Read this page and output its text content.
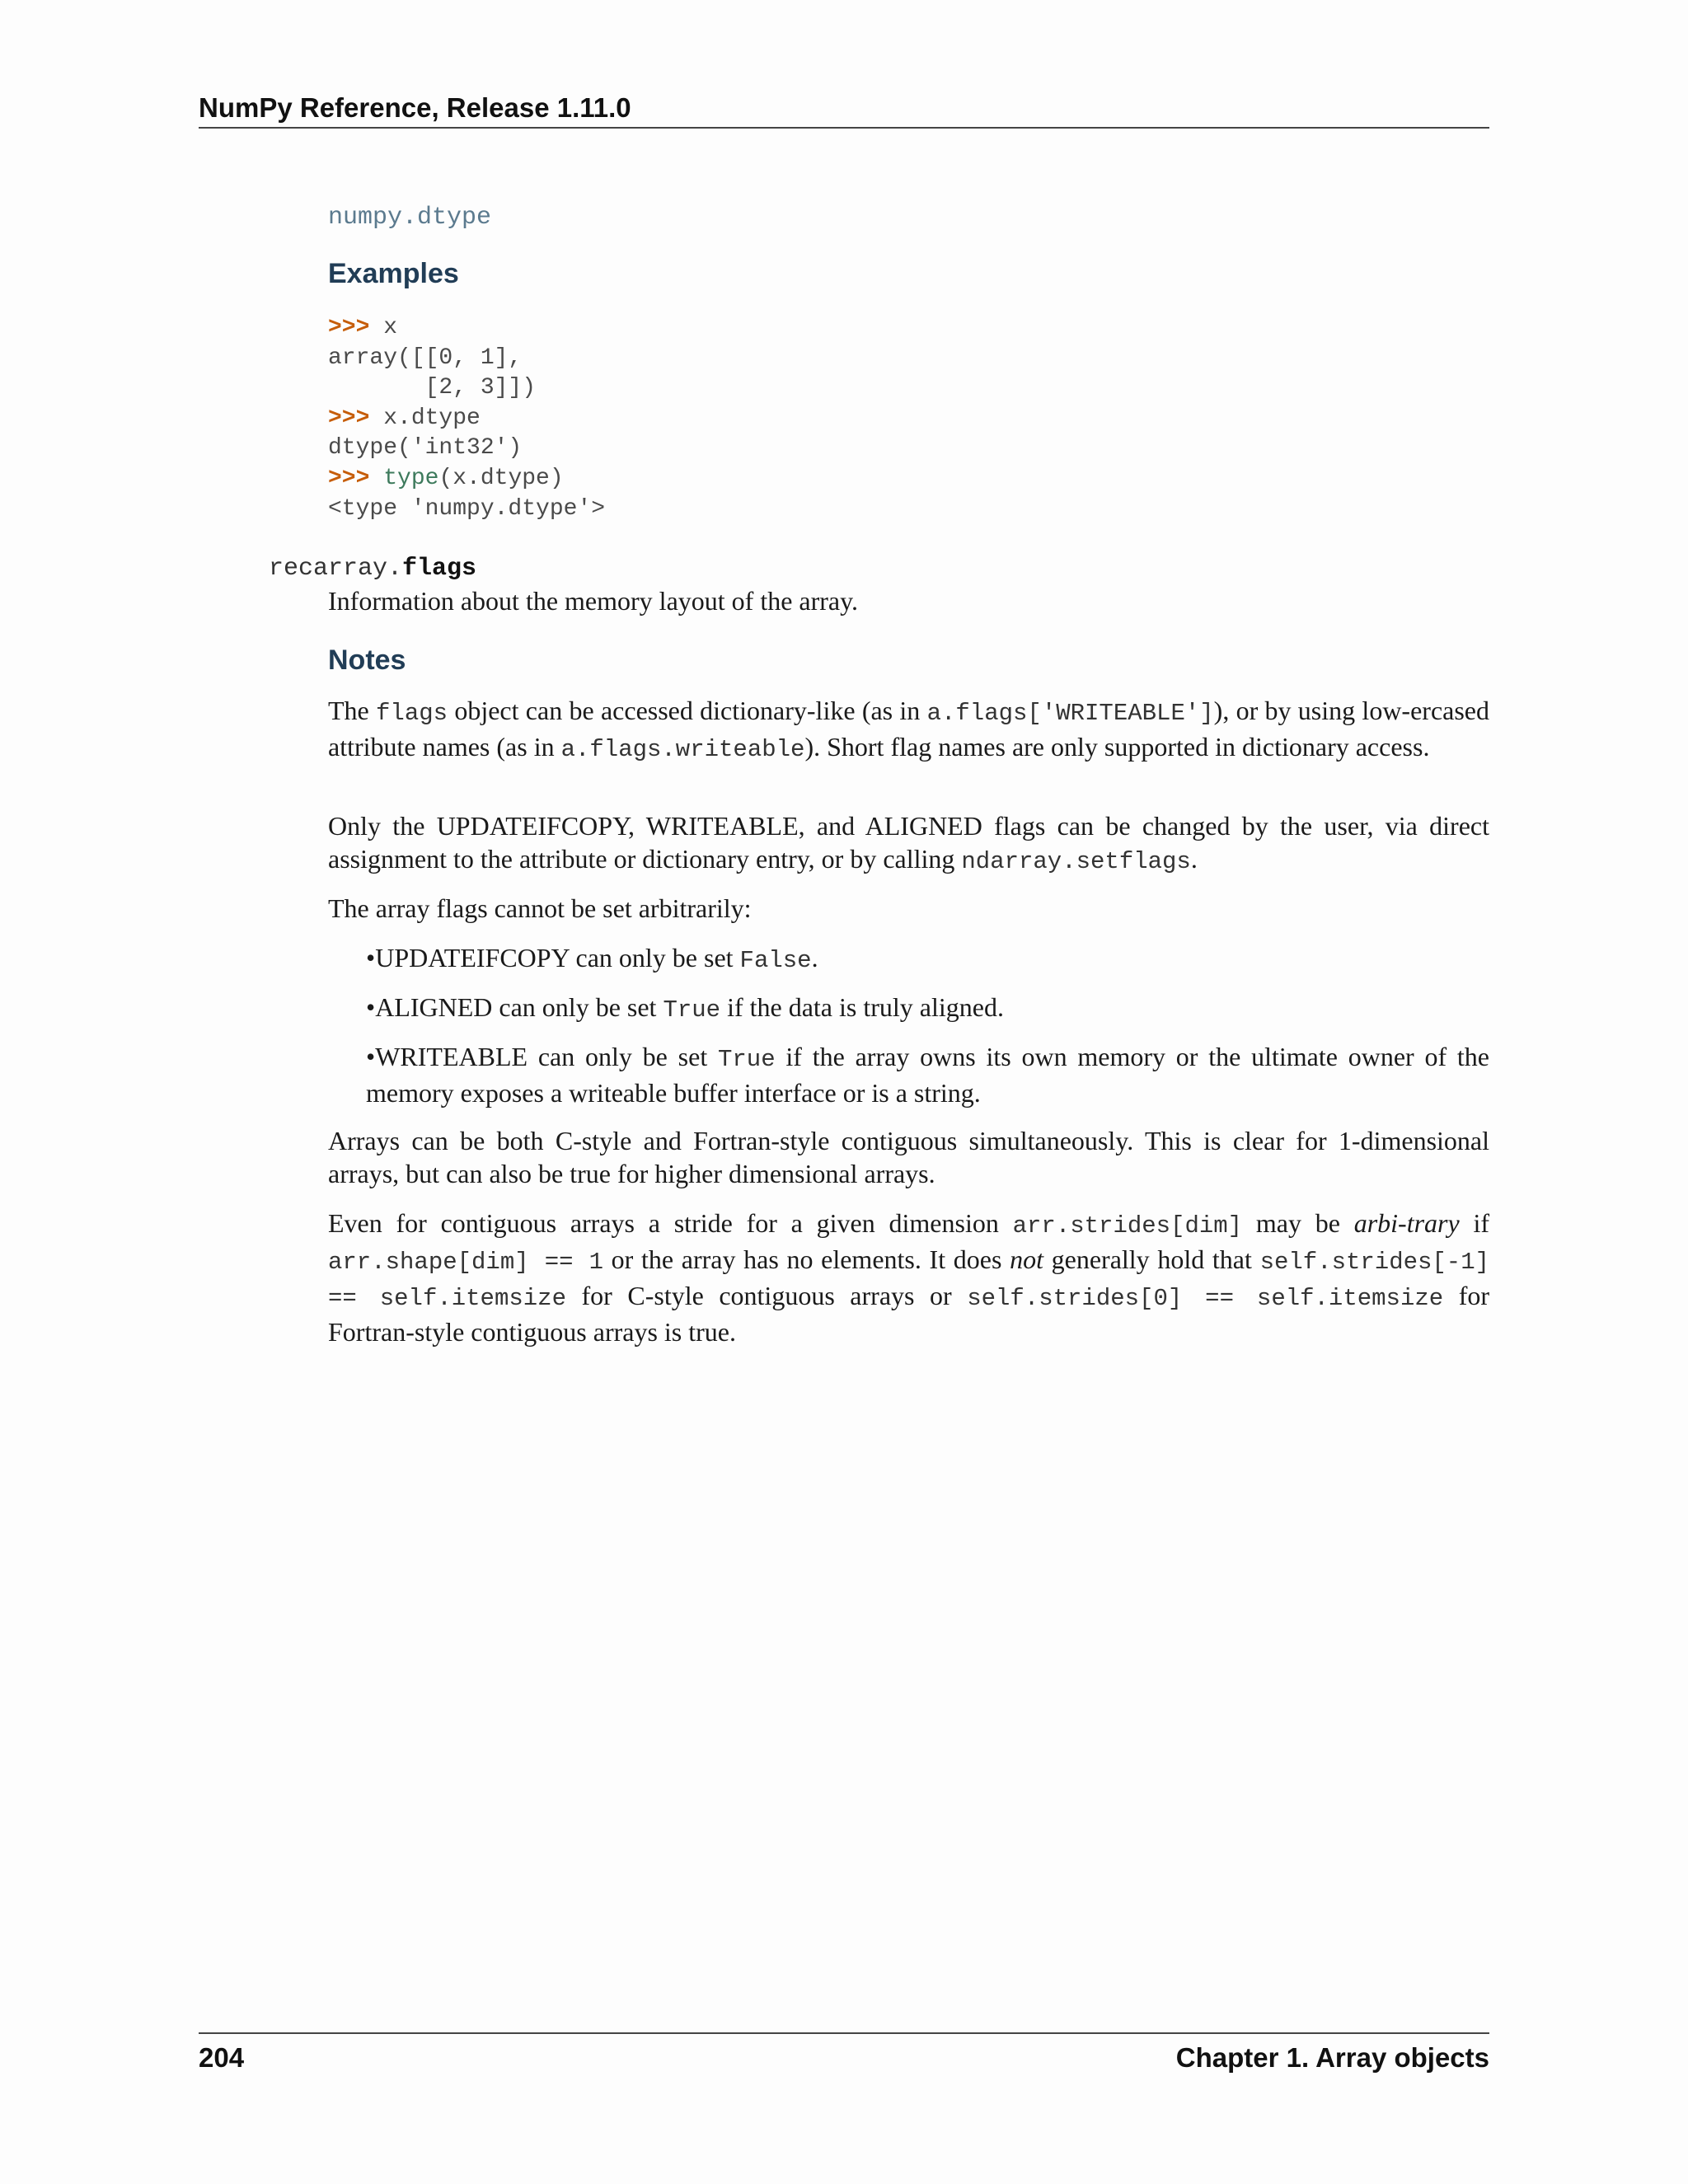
NumPy Reference, Release 1.11.0
numpy.dtype
Examples
>>> x
array([[0, 1],
[2, 3]])
>>> x.dtype
dtype('int32')
>>> type(x.dtype)
<type 'numpy.dtype'>
recarray.flags
Information about the memory layout of the array.
Notes

The flags object can be accessed dictionary-like (as in a.flags['WRITEABLE']), or by using low-ercased attribute names (as in a.flags.writeable). Short flag names are only supported in dictionary access.

Only the UPDATEIFCOPY, WRITEABLE, and ALIGNED flags can be changed by the user, via direct assignment to the attribute or dictionary entry, or by calling ndarray.setflags.

The array flags cannot be set arbitrarily:

•UPDATEIFCOPY can only be set False.

•ALIGNED can only be set True if the data is truly aligned.

•WRITEABLE can only be set True if the array owns its own memory or the ultimate owner of the memory exposes a writeable buffer interface or is a string.

Arrays can be both C-style and Fortran-style contiguous simultaneously. This is clear for 1-dimensional arrays, but can also be true for higher dimensional arrays.

Even for contiguous arrays a stride for a given dimension arr.strides[dim] may be arbi-trary if arr.shape[dim] == 1 or the array has no elements. It does not generally hold that self.strides[-1] == self.itemsize for C-style contiguous arrays or self.strides[0] == self.itemsize for Fortran-style contiguous arrays is true.

204	Chapter 1. Array objects
